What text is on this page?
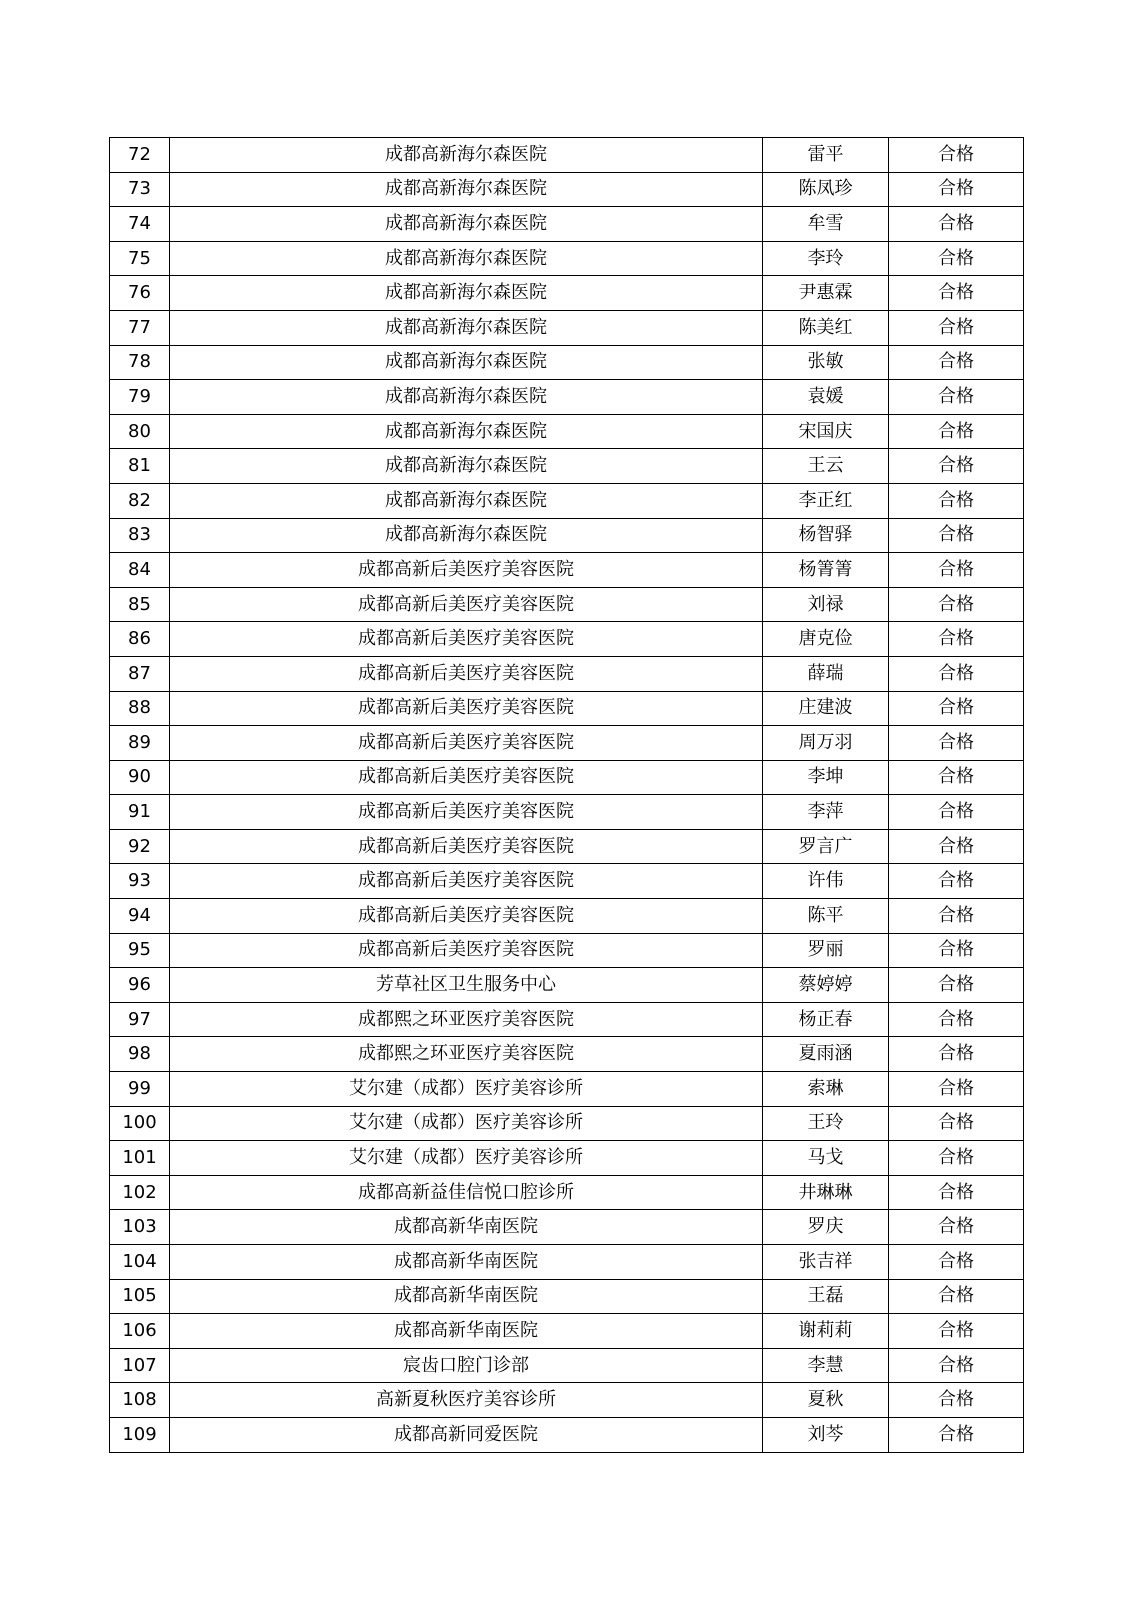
72	成都高新海尔森医院	雷平	合格
73	成都高新海尔森医院	陈凤珍	合格
74	成都高新海尔森医院	牟雪	合格
75	成都高新海尔森医院	李玲	合格
76	成都高新海尔森医院	尹惠霖	合格
77	成都高新海尔森医院	陈美红	合格
78	成都高新海尔森医院	张敏	合格
79	成都高新海尔森医院	袁媛	合格
80	成都高新海尔森医院	宋国庆	合格
81	成都高新海尔森医院	王云	合格
82	成都高新海尔森医院	李正红	合格
83	成都高新海尔森医院	杨智驿	合格
84	成都高新后美医疗美容医院	杨箐箐	合格
85	成都高新后美医疗美容医院	刘禄	合格
86	成都高新后美医疗美容医院	唐克俭	合格
87	成都高新后美医疗美容医院	薛瑞	合格
88	成都高新后美医疗美容医院	庄建波	合格
89	成都高新后美医疗美容医院	周万羽	合格
90	成都高新后美医疗美容医院	李坤	合格
91	成都高新后美医疗美容医院	李萍	合格
92	成都高新后美医疗美容医院	罗言广	合格
93	成都高新后美医疗美容医院	许伟	合格
94	成都高新后美医疗美容医院	陈平	合格
95	成都高新后美医疗美容医院	罗丽	合格
96	芳草社区卫生服务中心	蔡婷婷	合格
97	成都熙之环亚医疗美容医院	杨正春	合格
98	成都熙之环亚医疗美容医院	夏雨涵	合格
99	艾尔建（成都）医疗美容诊所	索琳	合格
100	艾尔建（成都）医疗美容诊所	王玲	合格
101	艾尔建（成都）医疗美容诊所	马戈	合格
102	成都高新益佳信悦口腔诊所	井琳琳	合格
103	成都高新华南医院	罗庆	合格
104	成都高新华南医院	张吉祥	合格
105	成都高新华南医院	王磊	合格
106	成都高新华南医院	谢莉莉	合格
107	宸齿口腔门诊部	李慧	合格
108	高新夏秋医疗美容诊所	夏秋	合格
109	成都高新同爱医院	刘芩	合格
